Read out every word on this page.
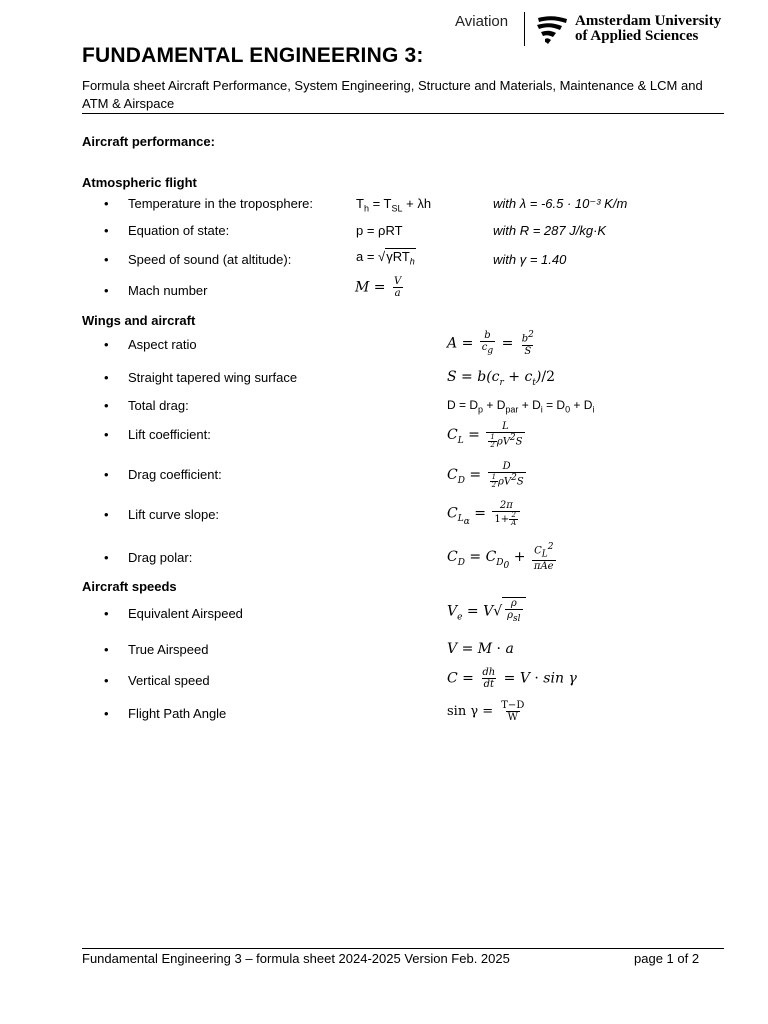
Aviation	Amsterdam University
of Applied Sciences
FUNDAMENTAL ENGINEERING 3:
Formula sheet Aircraft Performance, System Engineering, Structure and Materials, Maintenance & LCM and ATM & Airspace
Aircraft performance:
Atmospheric flight
• Temperature in the troposphere:	$T_h = T_{SL} + \lambda h$	with λ = -6.5 · 10⁻³ K/m
• Equation of state:	p = ρRT	with R = 287 J/kg·K
• Speed of sound (at altitude):	a = √γRT$_h$	with γ = 1.40
• Mach number	$M = \frac{V}{a}$
Wings and aircraft
• Aspect ratio	$A = \frac{b}{c_g} = \frac{b^2}{S}$
• Straight tapered wing surface	$S = b(c_r + c_t)/2$
• Total drag:	$D = D_p + D_{par} + D_i = D_0 + D_i$
• Lift coefficient:	$C_L = \frac{L}{\frac{1}{2} \rho V^2S}$
• Drag coefficient:	$C_D = \frac{D}{\frac{1}{2} \rho V^2S}$
• Lift curve slope:	$C_{L_\alpha} = \frac{2\pi}{1+ \frac{2}{A}}$
• Drag polar:	$C_D = C_{D_0} + \frac{C_L^2}{\text{πAe}}$
Aircraft speeds
• Equivalent Airspeed	$V_e = V√ \frac{\rho}{\rho_{sl}}$
• True Airspeed	V = M · a
• Vertical speed	$C = \frac{dh}{dt} = V \cdot \sin \gamma$
• Flight Path Angle	$\sin \gamma = \frac{T-D}{W}$
Fundamental Engineering 3 – formula sheet 2024-2025 Version Feb. 2025	page 1 of 2
